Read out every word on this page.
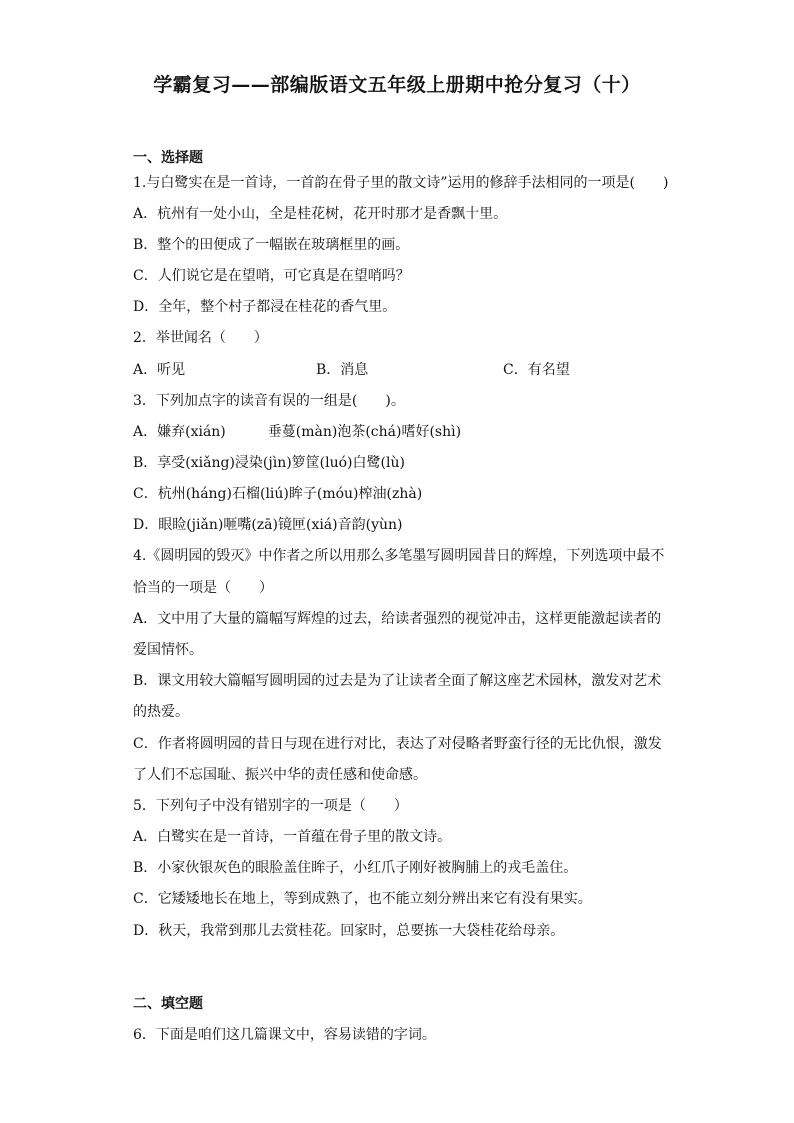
学霸复习——部编版语文五年级上册期中抢分复习（十）
一、选择题
1.与白鹭实在是一首诗，一首韵在骨子里的散文诗”运用的修辞手法相同的一项是(　　)
A．杭州有一处小山，全是桂花树，花开时那才是香飘十里。
B．整个的田便成了一幅嵌在玻璃框里的画。
C．人们说它是在望哨，可它真是在望哨吗？
D．全年，整个村子都浸在桂花的香气里。
2．举世闻名（　　）
A．听见	B．消息	C．有名望
3．下列加点字的读音有误的一组是(　　)。
A．嫌弃(xián)　　　垂蔓(màn)泡茶(chá)嗜好(shì)
B．享受(xiǎng)浸染(jìn)箩筐(luó)白鹭(lù)
C．杭州(háng)石榴(liú)眸子(móu)榨油(zhà)
D．眼睑(jiǎn)咂嘴(zā)镜匣(xiá)音韵(yùn)
4.《圆明园的毁灭》中作者之所以用那么多笔墨写圆明园昔日的辉煌，下列选项中最不
恰当的一项是（　　）
A．文中用了大量的篇幅写辉煌的过去，给读者强烈的视觉冲击，这样更能激起读者的
爱国情怀。
B．课文用较大篇幅写圆明园的过去是为了让读者全面了解这座艺术园林，激发对艺术
的热爱。
C．作者将圆明园的昔日与现在进行对比，表达了对侵略者野蛮行径的无比仇恨，激发
了人们不忘国耻、振兴中华的责任感和使命感。
5．下列句子中没有错别字的一项是（　　）
A．白鹭实在是一首诗，一首蕴在骨子里的散文诗。
B．小家伙银灰色的眼脸盖住眸子，小红爪子刚好被胸脯上的戎毛盖住。
C．它矮矮地长在地上，等到成熟了，也不能立刻分辨出来它有没有果实。
D．秋天，我常到那儿去赏桂花。回家时，总要拣一大袋桂花给母亲。
二、填空题
6．下面是咱们这几篇课文中，容易读错的字词。
